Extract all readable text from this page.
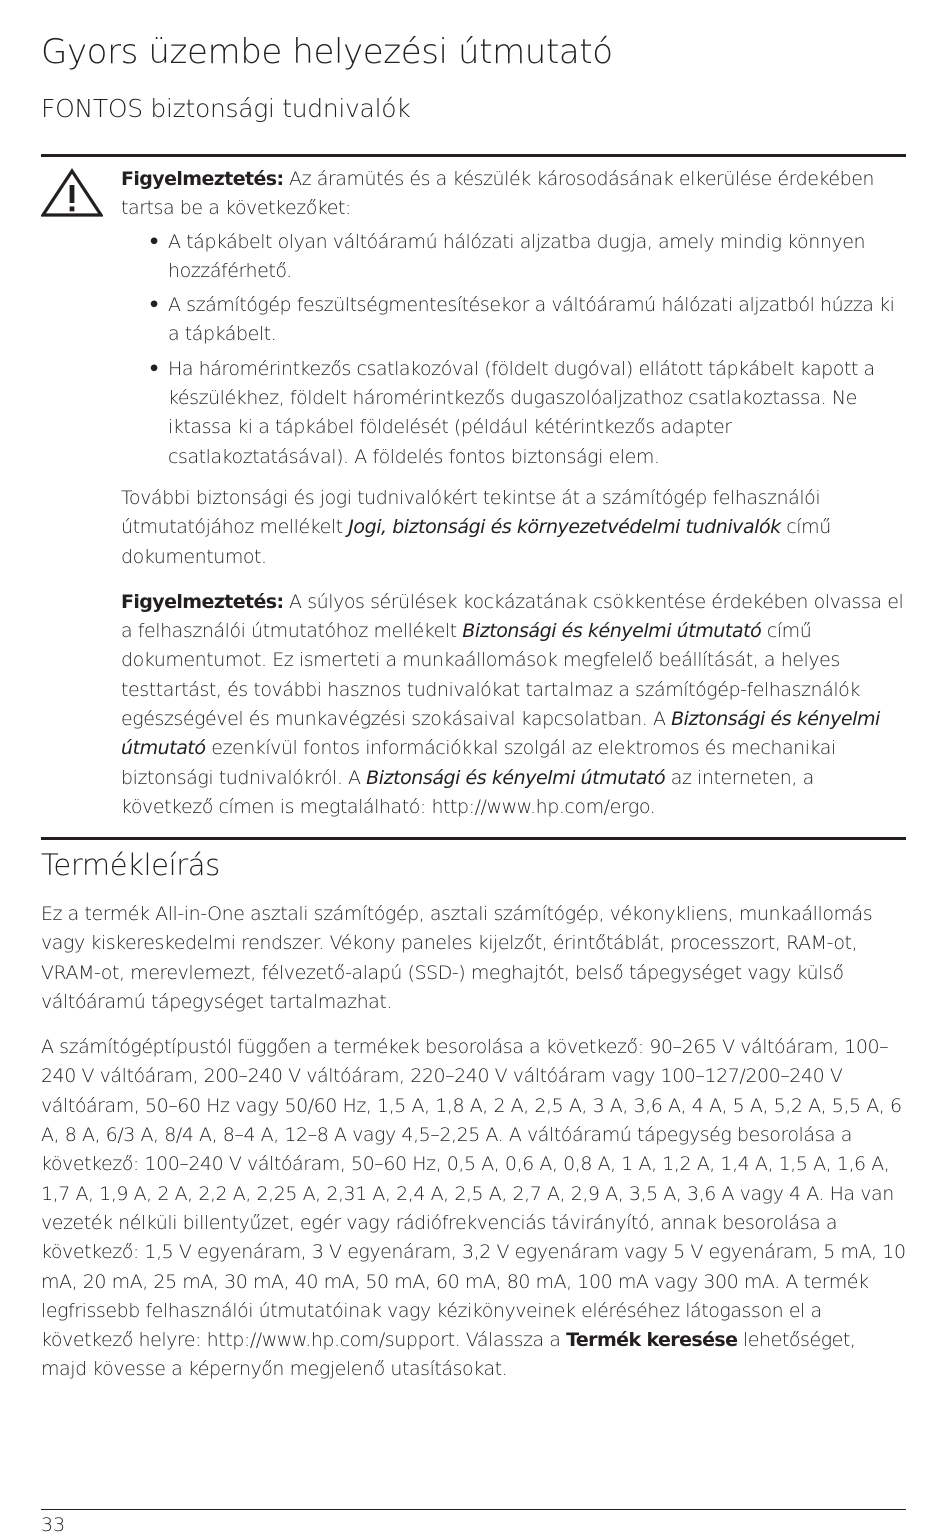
Gyors üzembe helyezési útmutató
FONTOS biztonsági tudnivalók

Figyelmeztetés: Az áramütés és a készülék károsodásának elkerülése érdekében tartsa be a következőket:

• A tápkábelt olyan váltóáramú hálózati aljzatba dugja, amely mindig könnyen hozzáférhető.
• A számítógép feszültségmentesítésekor a váltóáramú hálózati aljzatból húzza ki a tápkábelt.
• Ha háromérintkezős csatlakozóval (földelt dugóval) ellátott tápkábelt kapott a készülékhez, földelt háromérintkezős dugaszolóaljzathoz csatlakoztassa. Ne iktassa ki a tápkábel földelését (például kétérintkezős adapter csatlakoztatásával). A földelés fontos biztonsági elem.

További biztonsági és jogi tudnivalókért tekintse át a számítógép felhasználói útmutatójához mellékelt Jogi, biztonsági és környezetvédelmi tudnivalók című dokumentumot.

Figyelmeztetés: A súlyos sérülések kockázatának csökkentése érdekében olvassa el a felhasználói útmutatóhoz mellékelt Biztonsági és kényelmi útmutató című dokumentumot. Ez ismerteti a munkaállomások megfelelő beállítását, a helyes testtartást, és további hasznos tudnivalókat tartalmaz a számítógép-felhasználók egészségével és munkavégzési szokásaival kapcsolatban. A Biztonsági és kényelmi útmutató ezenkívül fontos információkkal szolgál az elektromos és mechanikai biztonsági tudnivalókról. A Biztonsági és kényelmi útmutató az interneten, a következő címen is megtalálható: http://www.hp.com/ergo.

Termékleírás

Ez a termék All-in-One asztali számítógép, asztali számítógép, vékonykliens, munkaállomás vagy kiskereskedelmi rendszer. Vékony paneles kijelzőt, érintőtáblát, processzort, RAM-ot, VRAM-ot, merevlemezt, félvezető-alapú (SSD-) meghajtót, belső tápegységet vagy külső váltóáramú tápegységet tartalmazhat.

A számítógéptípustól függően a termékek besorolása a következő: 90–265 V váltóáram, 100–240 V váltóáram, 200–240 V váltóáram, 220–240 V váltóáram vagy 100–127/200–240 V váltóáram, 50–60 Hz vagy 50/60 Hz, 1,5 A, 1,8 A, 2 A, 2,5 A, 3 A, 3,6 A, 4 A, 5 A, 5,2 A, 5,5 A, 6 A, 8 A, 6/3 A, 8/4 A, 8–4 A, 12–8 A vagy 4,5–2,25 A. A váltóáramú tápegység besorolása a következő: 100–240 V váltóáram, 50–60 Hz, 0,5 A, 0,6 A, 0,8 A, 1 A, 1,2 A, 1,4 A, 1,5 A, 1,6 A, 1,7 A, 1,9 A, 2 A, 2,2 A, 2,25 A, 2,31 A, 2,4 A, 2,5 A, 2,7 A, 2,9 A, 3,5 A, 3,6 A vagy 4 A. Ha van vezeték nélküli billentyűzet, egér vagy rádiófrekvenciás távirányító, annak besorolása a következő: 1,5 V egyenáram, 3 V egyenáram, 3,2 V egyenáram vagy 5 V egyenáram, 5 mA, 10 mA, 20 mA, 25 mA, 30 mA, 40 mA, 50 mA, 60 mA, 80 mA, 100 mA vagy 300 mA. A termék legfrissebb felhasználói útmutatóinak vagy kézikönyveinek eléréséhez látogasson el a következő helyre: http://www.hp.com/support. Válassza a Termék keresése lehetőséget, majd kövesse a képernyőn megjelenő utasításokat.

33
